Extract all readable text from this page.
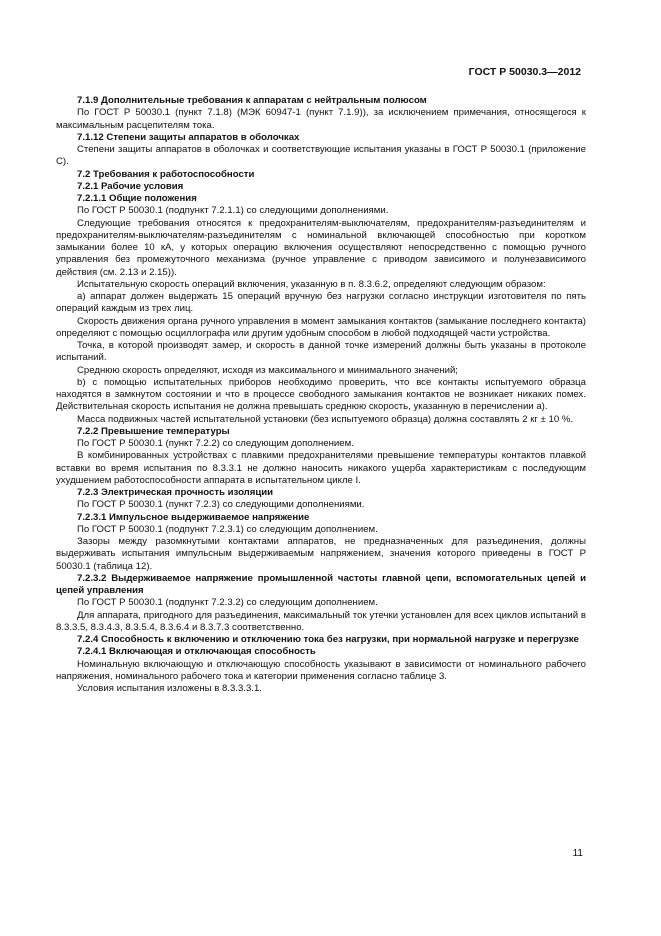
ГОСТ Р 50030.3—2012

7.1.9 Дополнительные требования к аппаратам с нейтральным полюсом

По ГОСТ Р 50030.1 (пункт 7.1.8) (МЭК 60947-1 (пункт 7.1.9)), за исключением примечания, относящегося к максимальным расцепителям тока.

7.1.12 Степени защиты аппаратов в оболочках

Степени защиты аппаратов в оболочках и соответствующие испытания указаны в ГОСТ Р 50030.1 (приложение С).

7.2 Требования к работоспособности

7.2.1 Рабочие условия

7.2.1.1 Общие положения

По ГОСТ Р 50030.1 (подпункт 7.2.1.1) со следующими дополнениями.

Следующие требования относятся к предохранителям-выключателям, предохранителям-разъединителям и предохранителям-выключателям-разъединителям с номинальной включающей способностью при коротком замыкании более 10 кА, у которых операцию включения осуществляют непосредственно с помощью ручного управления без промежуточного механизма (ручное управление с приводом зависимого и полунезависимого действия (см. 2.13 и 2.15)).

Испытательную скорость операций включения, указанную в п. 8.3.6.2, определяют следующим образом:

а) аппарат должен выдержать 15 операций вручную без нагрузки согласно инструкции изготовителя по пять операций каждым из трех лиц.

Скорость движения органа ручного управления в момент замыкания контактов (замыкание последнего контакта) определяют с помощью осциллографа или другим удобным способом в любой подходящей части устройства.

Точка, в которой производят замер, и скорость в данной точке измерений должны быть указаны в протоколе испытаний.

Среднюю скорость определяют, исходя из максимального и минимального значений;

b) с помощью испытательных приборов необходимо проверить, что все контакты испытуемого образца находятся в замкнутом состоянии и что в процессе свободного замыкания контактов не возникает никаких помех. Действительная скорость испытания не должна превышать среднюю скорость, указанную в перечислении а).

Масса подвижных частей испытательной установки (без испытуемого образца) должна составлять 2 кг ± 10 %.

7.2.2 Превышение температуры

По ГОСТ Р 50030.1 (пункт 7.2.2) со следующим дополнением.

В комбинированных устройствах с плавкими предохранителями превышение температуры контактов плавкой вставки во время испытания по 8.3.3.1 не должно наносить никакого ущерба характеристикам с последующим ухудшением работоспособности аппарата в испытательном цикле I.

7.2.3 Электрическая прочность изоляции

По ГОСТ Р 50030.1 (пункт 7.2.3) со следующими дополнениями.

7.2.3.1 Импульсное выдерживаемое напряжение

По ГОСТ Р 50030.1 (подпункт 7.2.3.1) со следующим дополнением.

Зазоры между разомкнутыми контактами аппаратов, не предназначенных для разъединения, должны выдерживать испытания импульсным выдерживаемым напряжением, значения которого приведены в ГОСТ Р 50030.1 (таблица 12).

7.2.3.2 Выдерживаемое напряжение промышленной частоты главной цепи, вспомогательных цепей и цепей управления

По ГОСТ Р 50030.1 (подпункт 7.2.3.2) со следующим дополнением.

Для аппарата, пригодного для разъединения, максимальный ток утечки установлен для всех циклов испытаний в 8.3.3.5, 8.3.4.3, 8.3.5.4, 8.3.6.4 и 8.3.7.3 соответственно.

7.2.4 Способность к включению и отключению тока без нагрузки, при нормальной нагрузке и перегрузке

7.2.4.1 Включающая и отключающая способность

Номинальную включающую и отключающую способность указывают в зависимости от номинального рабочего напряжения, номинального рабочего тока и категории применения согласно таблице 3.

Условия испытания изложены в 8.3.3.3.1.

11
